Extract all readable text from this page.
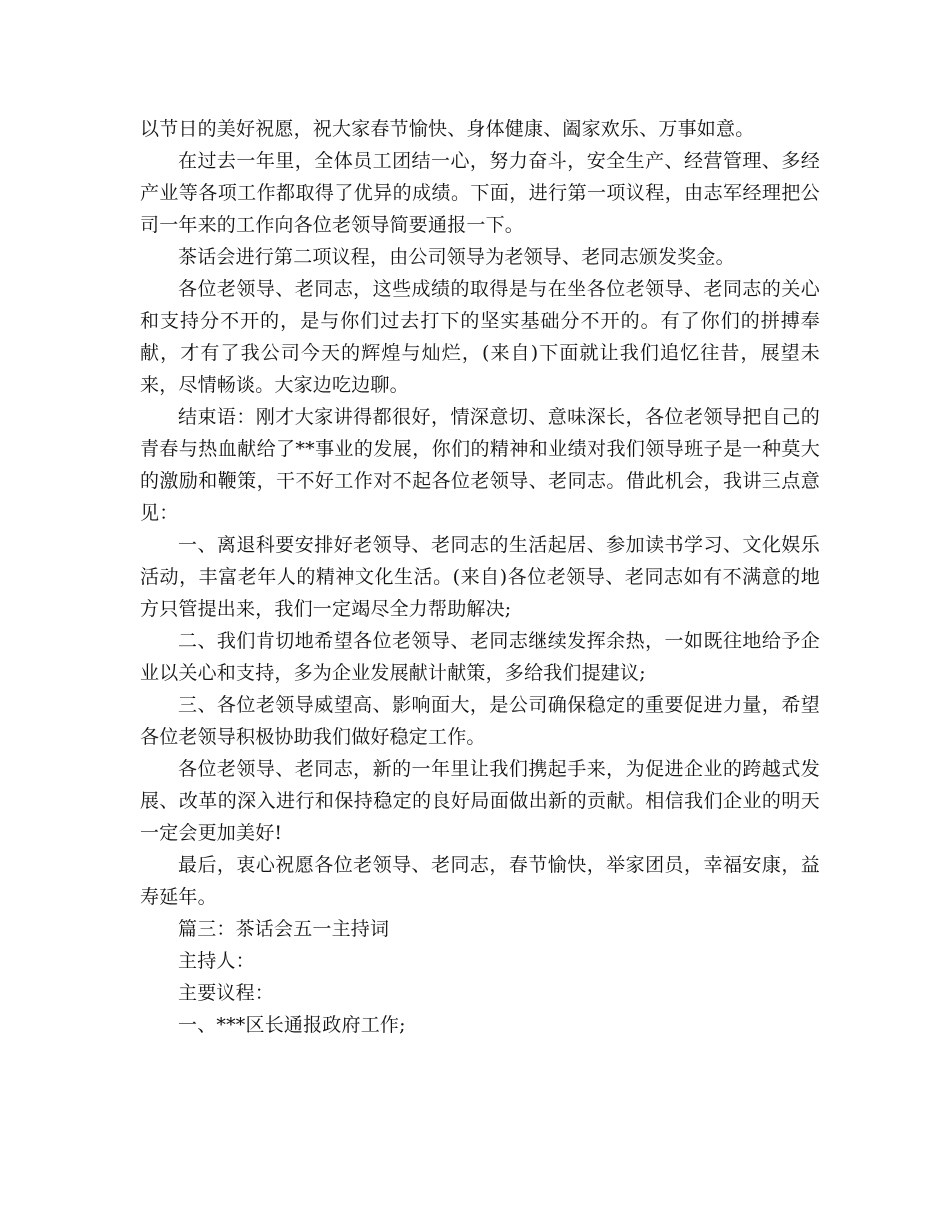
以节日的美好祝愿，祝大家春节愉快、身体健康、阖家欢乐、万事如意。

在过去一年里，全体员工团结一心，努力奋斗，安全生产、经营管理、多经产业等各项工作都取得了优异的成绩。下面，进行第一项议程，由志军经理把公司一年来的工作向各位老领导简要通报一下。

茶话会进行第二项议程，由公司领导为老领导、老同志颁发奖金。

各位老领导、老同志，这些成绩的取得是与在坐各位老领导、老同志的关心和支持分不开的，是与你们过去打下的坚实基础分不开的。有了你们的拼搏奉献，才有了我公司今天的辉煌与灿烂，(来自)下面就让我们追忆往昔，展望未来，尽情畅谈。大家边吃边聊。

结束语：刚才大家讲得都很好，情深意切、意味深长，各位老领导把自己的青春与热血献给了**事业的发展，你们的精神和业绩对我们领导班子是一种莫大的激励和鞭策，干不好工作对不起各位老领导、老同志。借此机会，我讲三点意见：

一、离退科要安排好老领导、老同志的生活起居、参加读书学习、文化娱乐活动，丰富老年人的精神文化生活。(来自)各位老领导、老同志如有不满意的地方只管提出来，我们一定竭尽全力帮助解决;

二、我们肯切地希望各位老领导、老同志继续发挥余热，一如既往地给予企业以关心和支持，多为企业发展献计献策，多给我们提建议;

三、各位老领导威望高、影响面大，是公司确保稳定的重要促进力量，希望各位老领导积极协助我们做好稳定工作。

各位老领导、老同志，新的一年里让我们携起手来，为促进企业的跨越式发展、改革的深入进行和保持稳定的良好局面做出新的贡献。相信我们企业的明天一定会更加美好!

最后，衷心祝愿各位老领导、老同志，春节愉快，举家团员，幸福安康，益寿延年。

篇三：茶话会五一主持词

主持人：

主要议程：

一、***区长通报政府工作;
